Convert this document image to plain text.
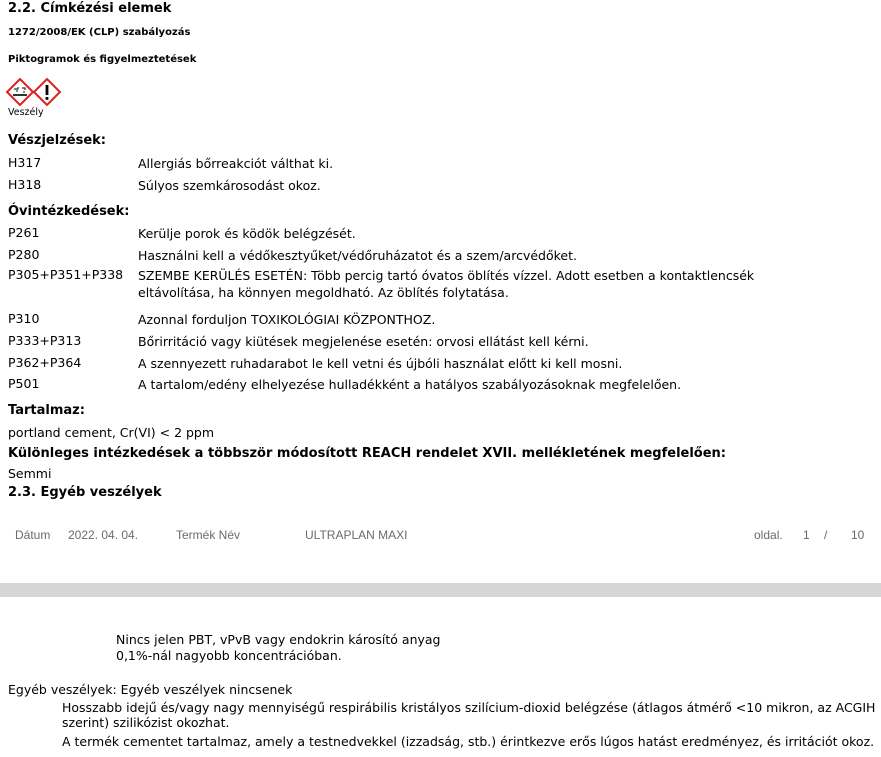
2.2. Címkézési elemek
1272/2008/EK (CLP) szabályozás
Piktogramok és figyelmeztetések
Veszély
Vészjelzések:
H317	Allergiás bőrreakciót válthat ki.
H318	Súlyos szemkárosodást okoz.
Óvintézkedések:
P261	Kerülje porok és ködök belégzését.
P280	Használni kell a védőkesztyűket/védőruházatot és a szem/arcvédőket.
P305+P351+P338 SZEMBE KERÜLÉS ESETÉN: Több percig tartó óvatos öblítés vízzel. Adott esetben a kontaktlencsék
eltávolítása, ha könnyen megoldható. Az öblítés folytatása.
P310	Azonnal forduljon TOXIKOLÓGIAI KÖZPONTHOZ.
P333+P313	Bőrirritáció vagy kiütések megjelenése esetén: orvosi ellátást kell kérni.
P362+P364	A szennyezett ruhadarabot le kell vetni és újbóli használat előtt ki kell mosni.
P501	A tartalom/edény elhelyezése hulladékként a hatályos szabályozásoknak megfelelően.
Tartalmaz:
portland cement, Cr(VI) < 2 ppm
Különleges intézkedések a többször módosított REACH rendelet XVII. mellékletének megfelelően:
Semmi
2.3. Egyéb veszélyek
Dátum 2022. 04. 04.	Termék Név	ULTRAPLAN MAXI	oldal. 1 / 10
Nincs jelen PBT, vPvB vagy endokrin károsító anyag
0,1%-nál nagyobb koncentrációban.
Egyéb veszélyek: Egyéb veszélyek nincsenek
Hosszabb idejű és/vagy nagy mennyiségű respirábilis kristályos szilícium-dioxid belégzése (átlagos átmérő <10 mikron, az ACGIH
szerint) szilikózist okozhat.
A termék cementet tartalmaz, amely a testnedvekkel (izzadság, stb.) érintkezve erős lúgos hatást eredményez, és irritációt okoz.
